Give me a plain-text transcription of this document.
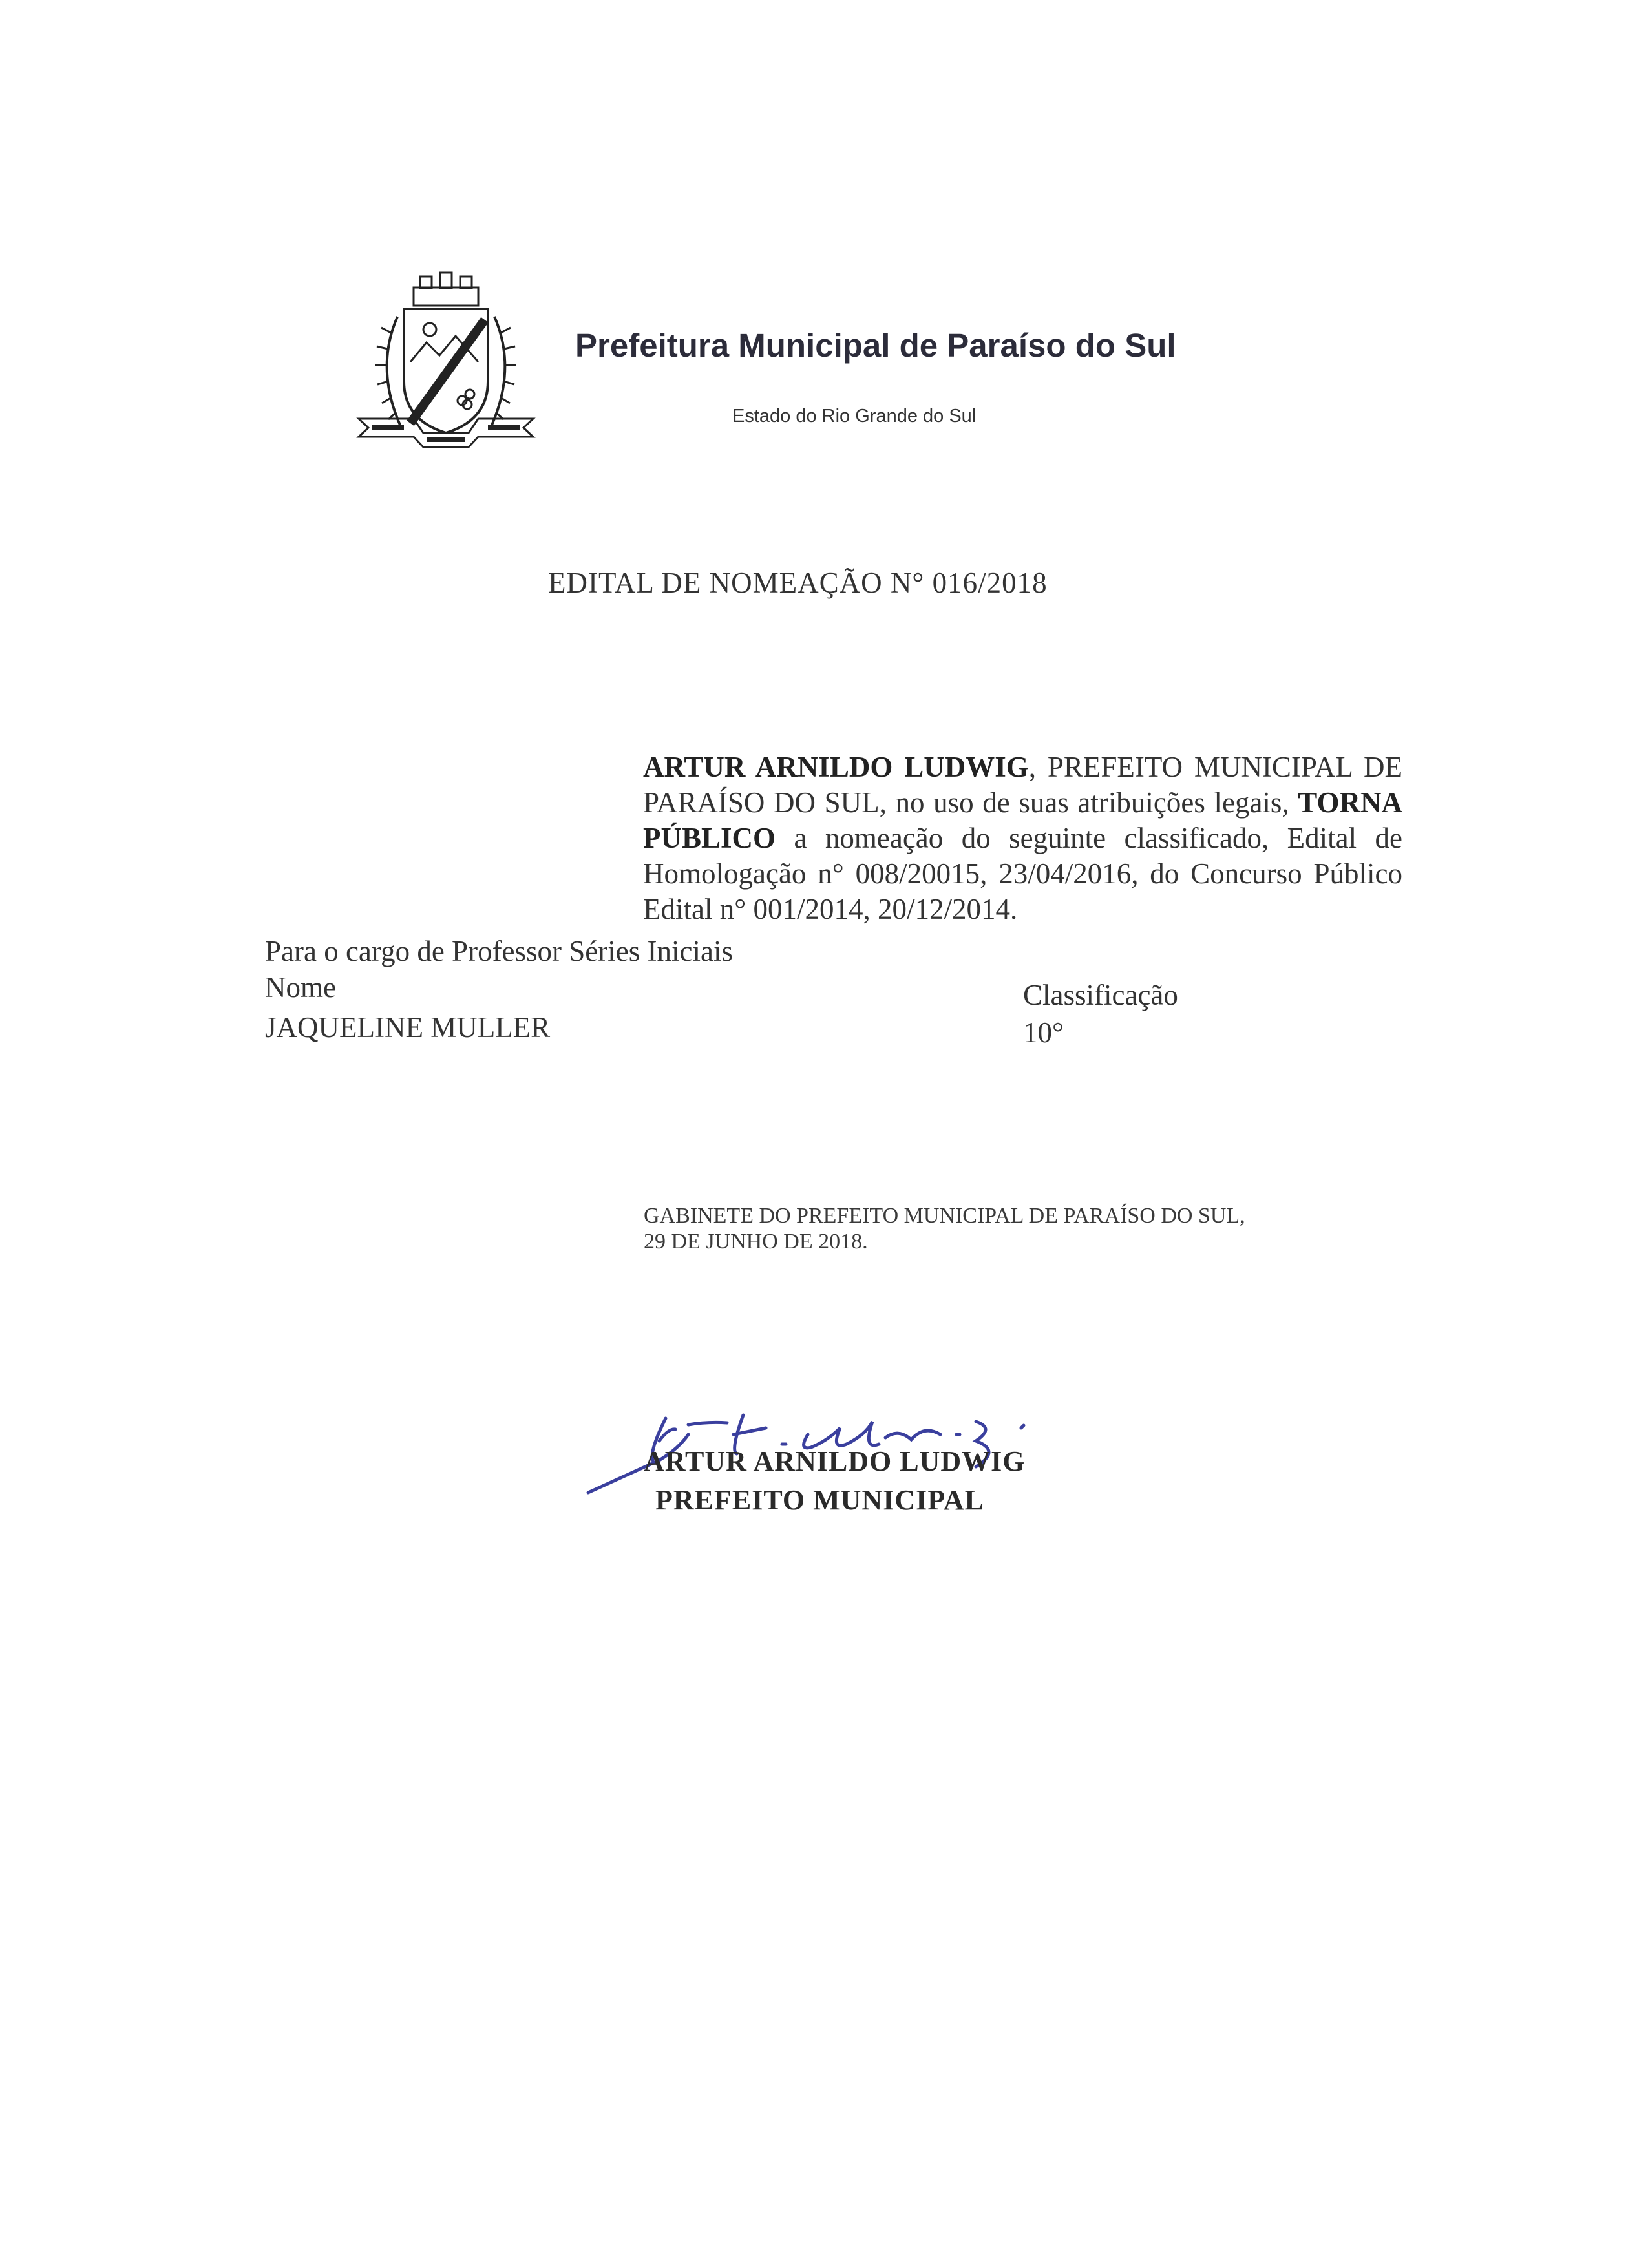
Prefeitura Municipal de Paraíso do Sul
Estado do Rio Grande do Sul
EDITAL DE NOMEAÇÃO N° 016/2018
ARTUR ARNILDO LUDWIG, PREFEITO MUNICIPAL DE PARAÍSO DO SUL, no uso de suas atribuições legais, TORNA PÚBLICO a nomeação do seguinte classificado, Edital de Homologação n° 008/20015, 23/04/2016, do Concurso Público Edital n° 001/2014, 20/12/2014.
Para o cargo de Professor Séries Iniciais
Nome	Classificação
JAQUELINE MULLER	10°
GABINETE DO PREFEITO MUNICIPAL DE PARAÍSO DO SUL,
29 DE JUNHO DE 2018.
ARTUR ARNILDO LUDWIG
PREFEITO MUNICIPAL
